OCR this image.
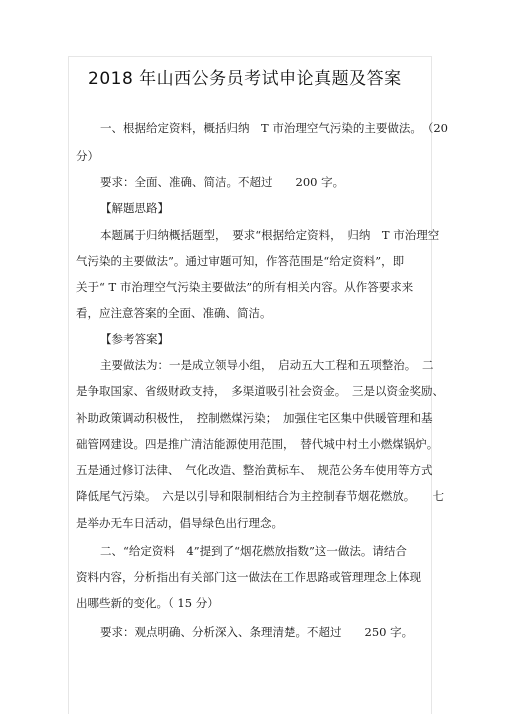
2018 年山西公务员考试申论真题及答案
一、根据给定资料，概括归纳　T 市治理空气污染的主要做法。　（20
分）
要求：全面、准确、简洁。不超过　　200 字。
【解题思路】
本题属于归纳概括题型，　要求“根据给定资料，　归纳　T 市治理空
气污染的主要做法”。通过审题可知，作答范围是“给定资料”，即
关于“ T 市治理空气污染主要做法”的所有相关内容。从作答要求来
看，应注意答案的全面、准确、简洁。
【参考答案】
主要做法为：一是成立领导小组，　启动五大工程和五项整治。　二
是争取国家、省级财政支持，　多渠道吸引社会资金。　三是以资金奖励、
补助政策调动积极性，　控制燃煤污染；　加强住宅区集中供暖管理和基
础管网建设。四是推广清洁能源使用范围，　替代城中村土小燃煤锅炉。
五是通过修订法律、　气化改造、整治黄标车、　规范公务车使用等方式
降低尾气污染。　六是以引导和限制相结合为主控制春节烟花燃放。　　七
是举办无车日活动，倡导绿色出行理念。
二、“给定资料　4”提到了“烟花燃放指数”这一做法。请结合
资料内容，分析指出有关部门这一做法在工作思路或管理理念上体现
出哪些新的变化。（ 15 分）
要求：观点明确、分析深入、条理清楚。不超过　　250 字。
